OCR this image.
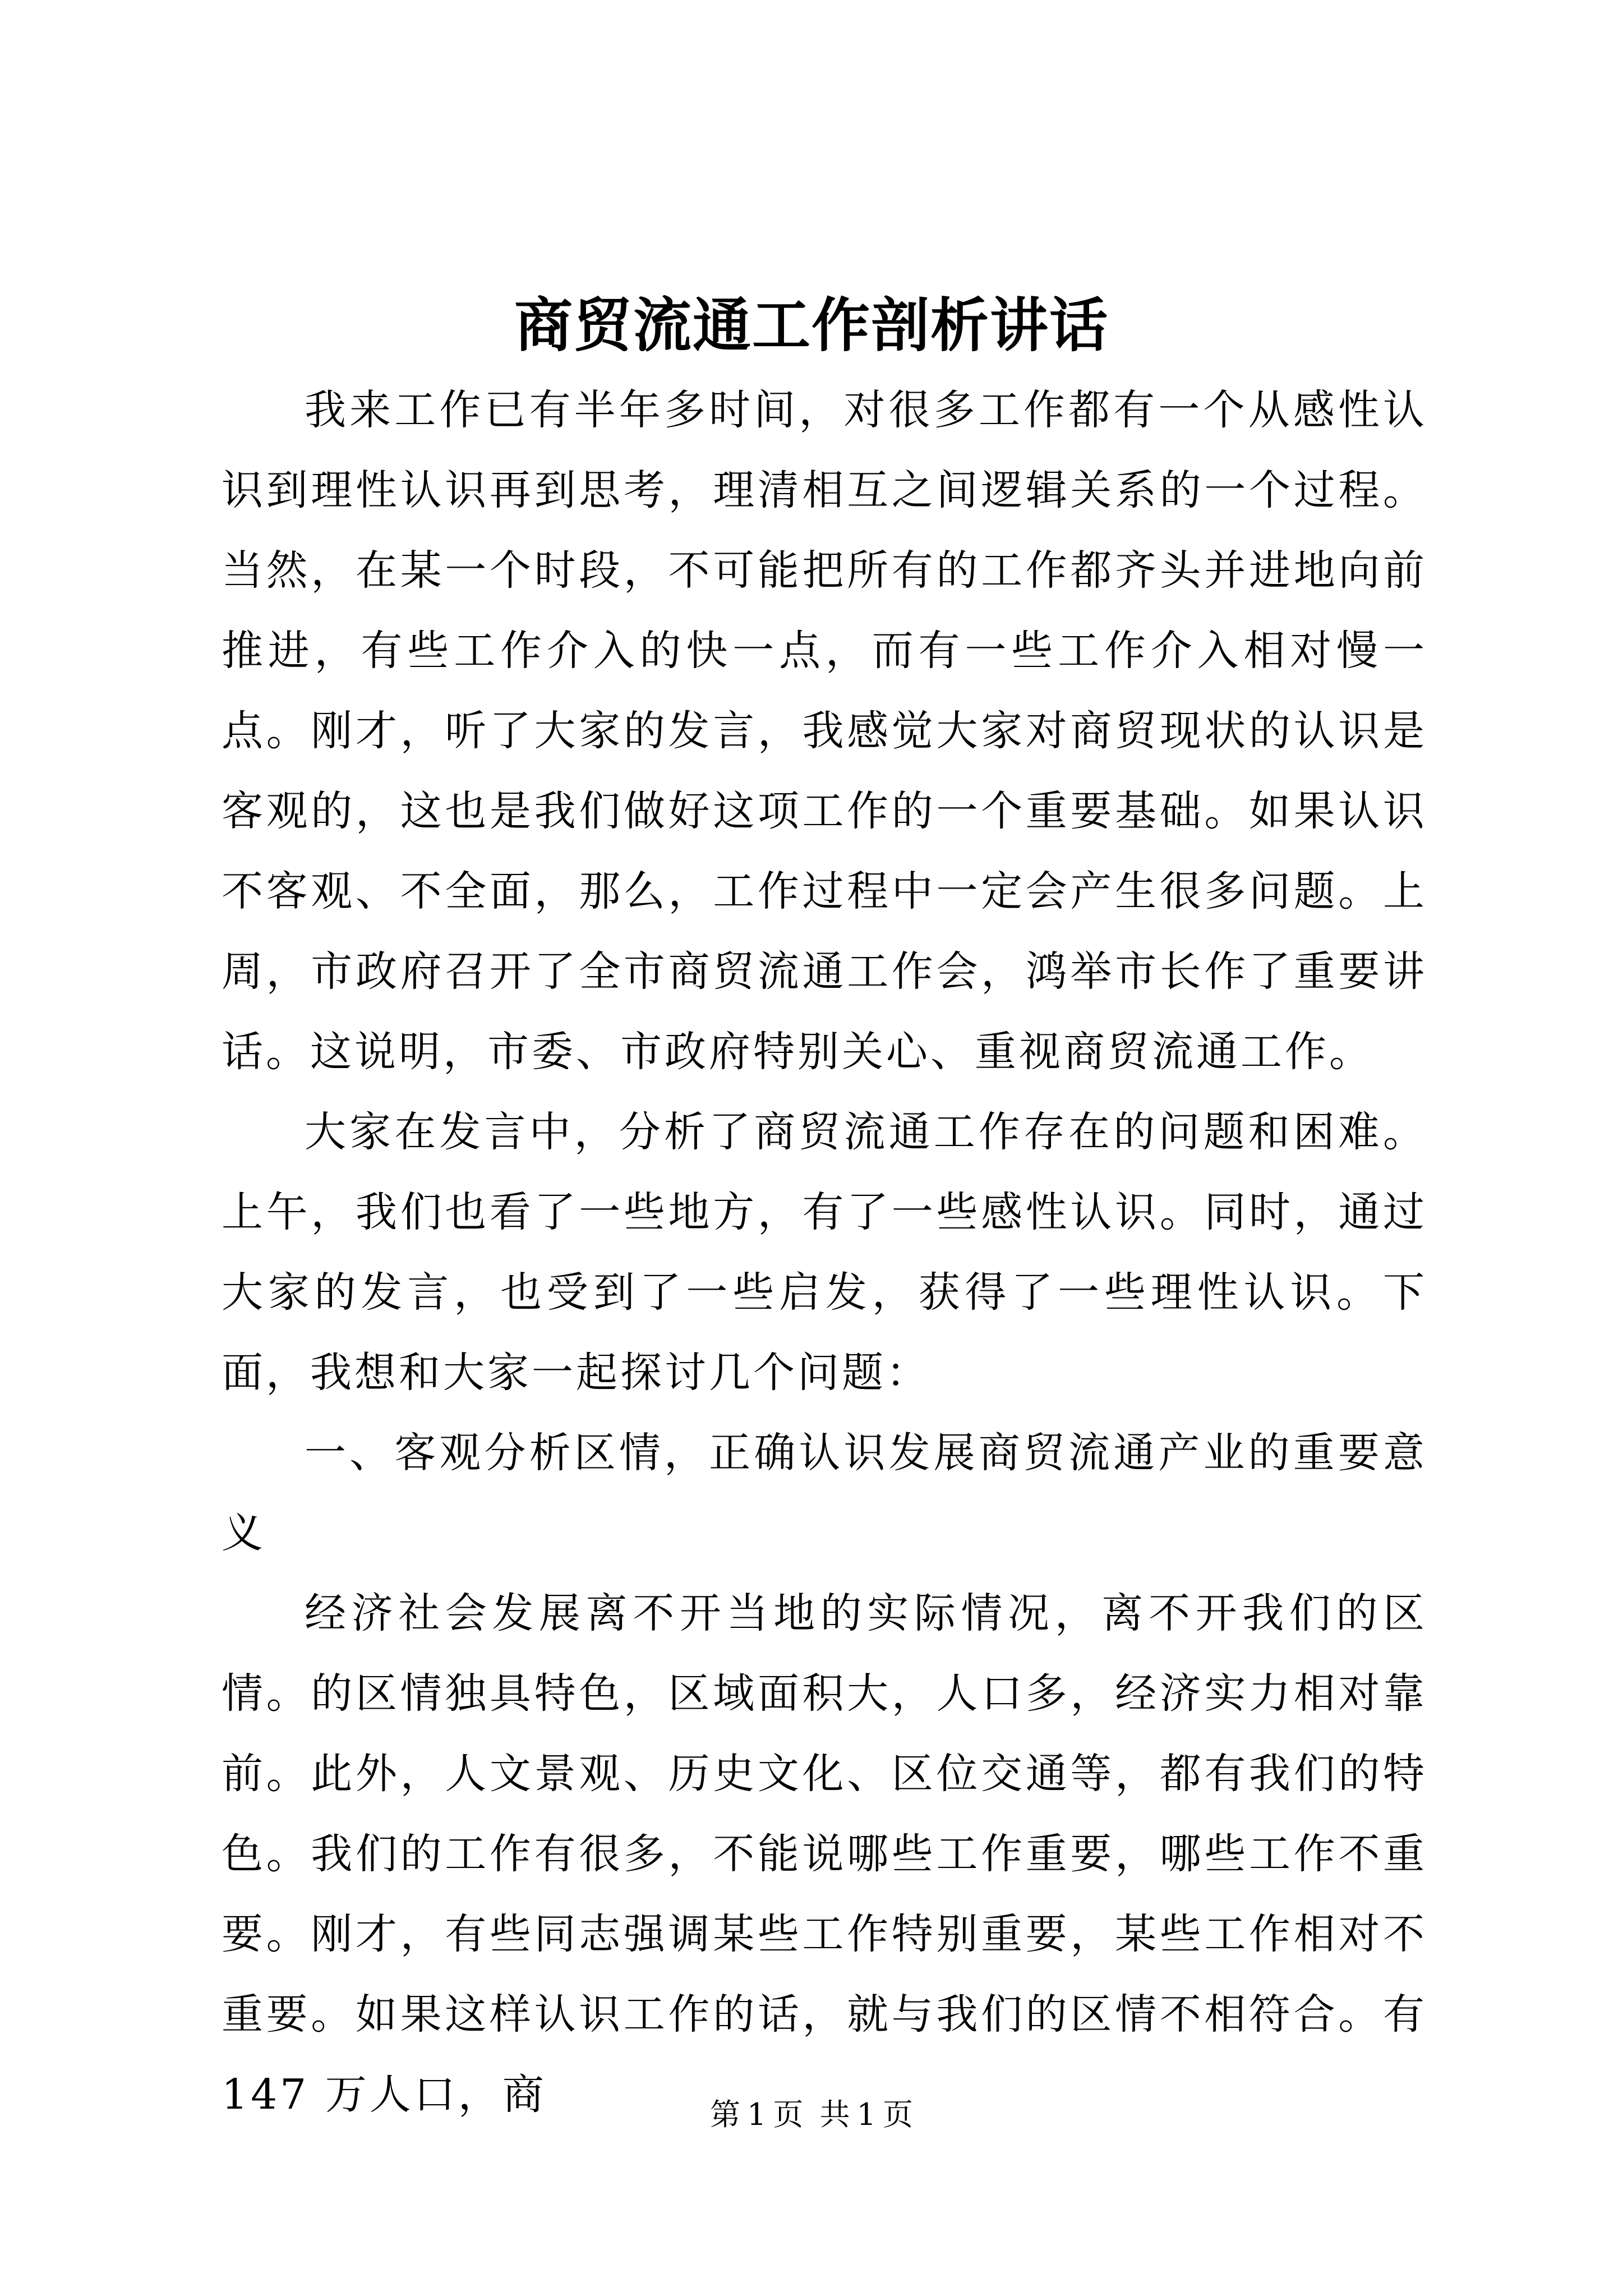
商贸流通工作剖析讲话

我来工作已有半年多时间，对很多工作都有一个从感性认识到理性认识再到思考，理清相互之间逻辑关系的一个过程。当然，在某一个时段，不可能把所有的工作都齐头并进地向前推进，有些工作介入的快一点，而有一些工作介入相对慢一点。刚才，听了大家的发言，我感觉大家对商贸现状的认识是客观的，这也是我们做好这项工作的一个重要基础。如果认识不客观、不全面，那么，工作过程中一定会产生很多问题。上周，市政府召开了全市商贸流通工作会，鸿举市长作了重要讲话。这说明，市委、市政府特别关心、重视商贸流通工作。

大家在发言中，分析了商贸流通工作存在的问题和困难。上午，我们也看了一些地方，有了一些感性认识。同时，通过大家的发言，也受到了一些启发，获得了一些理性认识。下面，我想和大家一起探讨几个问题：

一、客观分析区情，正确认识发展商贸流通产业的重要意义

经济社会发展离不开当地的实际情况，离不开我们的区情。的区情独具特色，区域面积大，人口多，经济实力相对靠前。此外，人文景观、历史文化、区位交通等，都有我们的特色。我们的工作有很多，不能说哪些工作重要，哪些工作不重要。刚才，有些同志强调某些工作特别重要，某些工作相对不重要。如果这样认识工作的话，就与我们的区情不相符合。有 147 万人口，商	第 1 页 共 1 页
